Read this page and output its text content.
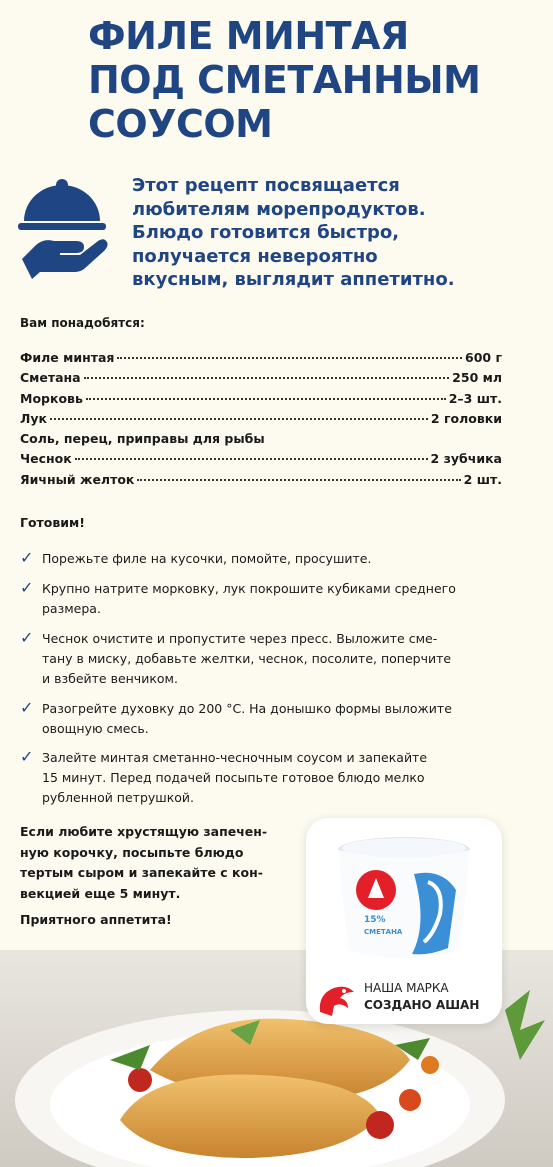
ФИЛЕ МИНТАЯ
ПОД СМЕТАННЫМ
СОУСОМ
Этот рецепт посвящается
любителям морепродуктов.
Блюдо готовится быстро,
получается невероятно
вкусным, выглядит аппетитно.
Вам понадобятся:
Филе минтая	600 г
Сметана	250 мл
Морковь	2–3 шт.
Лук	2 головки
Соль, перец, приправы для рыбы
Чеснок	2 зубчика
Яичный желток	2 шт.
Готовим!
✓ Порежьте филе на кусочки, помойте, просушите.
✓ Крупно натрите морковку, лук покрошите кубиками среднего
размера.
✓ Чеснок очистите и пропустите через пресс. Выложите сме-
тану в миску, добавьте желтки, чеснок, посолите, поперчите
и взбейте венчиком.
✓ Разогрейте духовку до 200 °С. На донышко формы выложите
овощную смесь.
✓ Залейте минтая сметанно-чесночным соусом и запекайте
15 минут. Перед подачей посыпьте готовое блюдо мелко
рубленной петрушкой.
Если любите хрустящую запечен-
ную корочку, посыпьте блюдо
тертым сыром и запекайте с кон-
векцией еще 5 минут.
Приятного аппетита!	15%
СМЕТАНА
НАША МАРКА
СОЗДАНО АШАН
